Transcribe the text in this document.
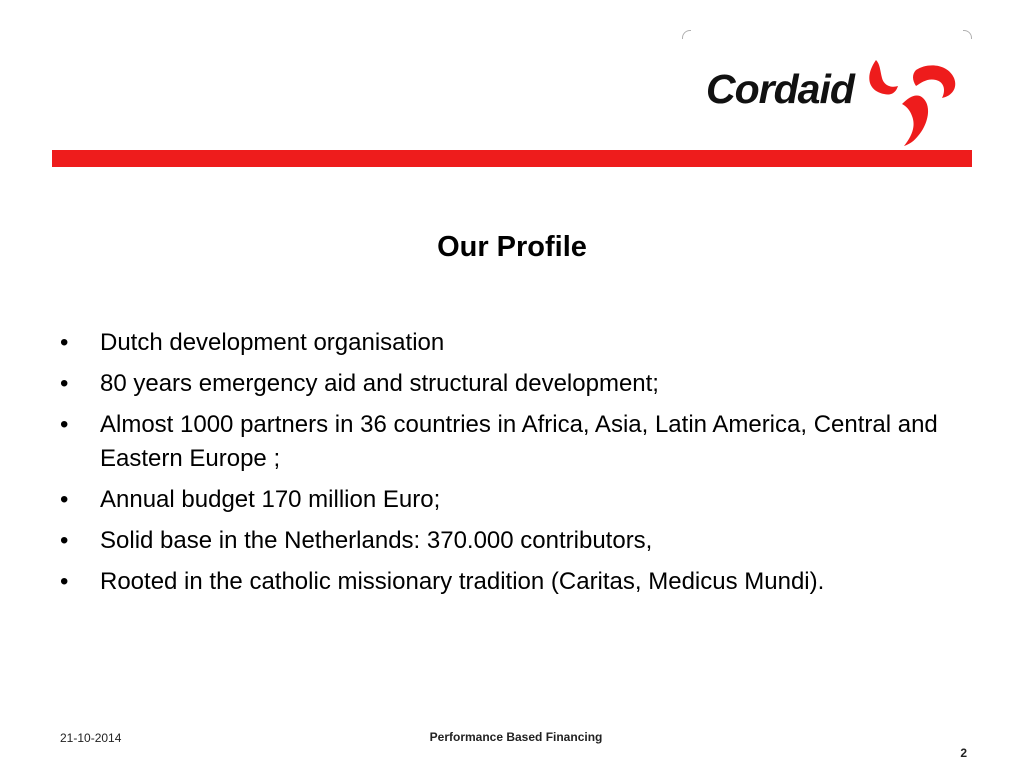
Cordaid
Our Profile
• Dutch development organisation
• 80 years emergency aid and structural development;
• Almost 1000 partners in 36 countries in Africa, Asia, Latin America, Central and Eastern Europe ;
• Annual budget 170 million Euro;
• Solid base in the Netherlands: 370.000 contributors,
• Rooted in the catholic missionary tradition (Caritas, Medicus Mundi).
21-10-2014	Performance Based Financing
2
